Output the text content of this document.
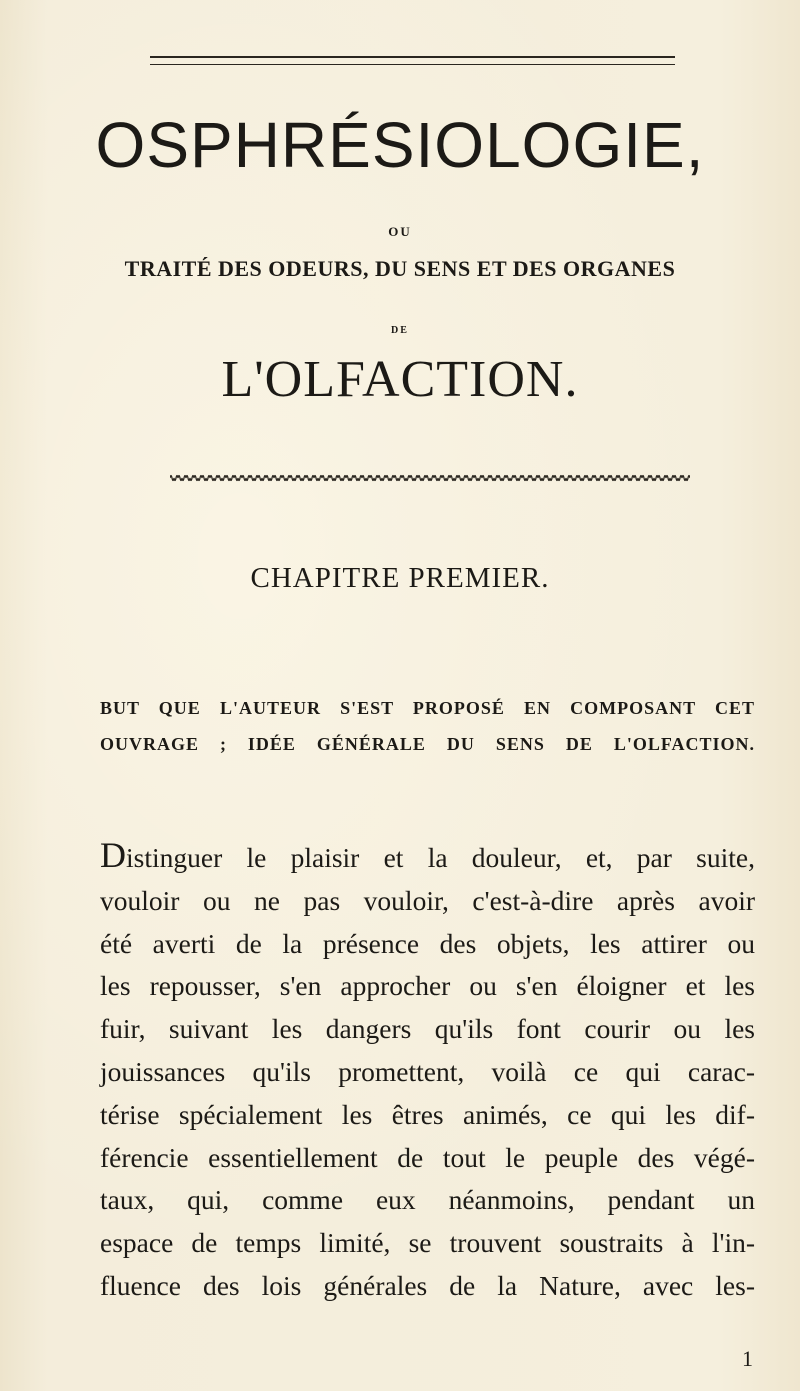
OSPHRÉSIOLOGIE,
OU
TRAITÉ DES ODEURS, DU SENS ET DES ORGANES
DE
L'OLFACTION.
CHAPITRE PREMIER.
BUT QUE L'AUTEUR S'EST PROPOSÉ EN COMPOSANT CET
OUVRAGE ; IDÉE GÉNÉRALE DU SENS DE L'OLFACTION.
Distinguer le plaisir et la douleur, et, par suite,
vouloir ou ne pas vouloir, c'est-à-dire après avoir
été averti de la présence des objets, les attirer ou
les repousser, s'en approcher ou s'en éloigner et les
fuir, suivant les dangers qu'ils font courir ou les
jouissances qu'ils promettent, voilà ce qui carac-
térise spécialement les êtres animés, ce qui les dif-
férencie essentiellement de tout le peuple des végé-
taux, qui, comme eux néanmoins, pendant un
espace de temps limité, se trouvent soustraits à l'in-
fluence des lois générales de la Nature, avec les-
1
